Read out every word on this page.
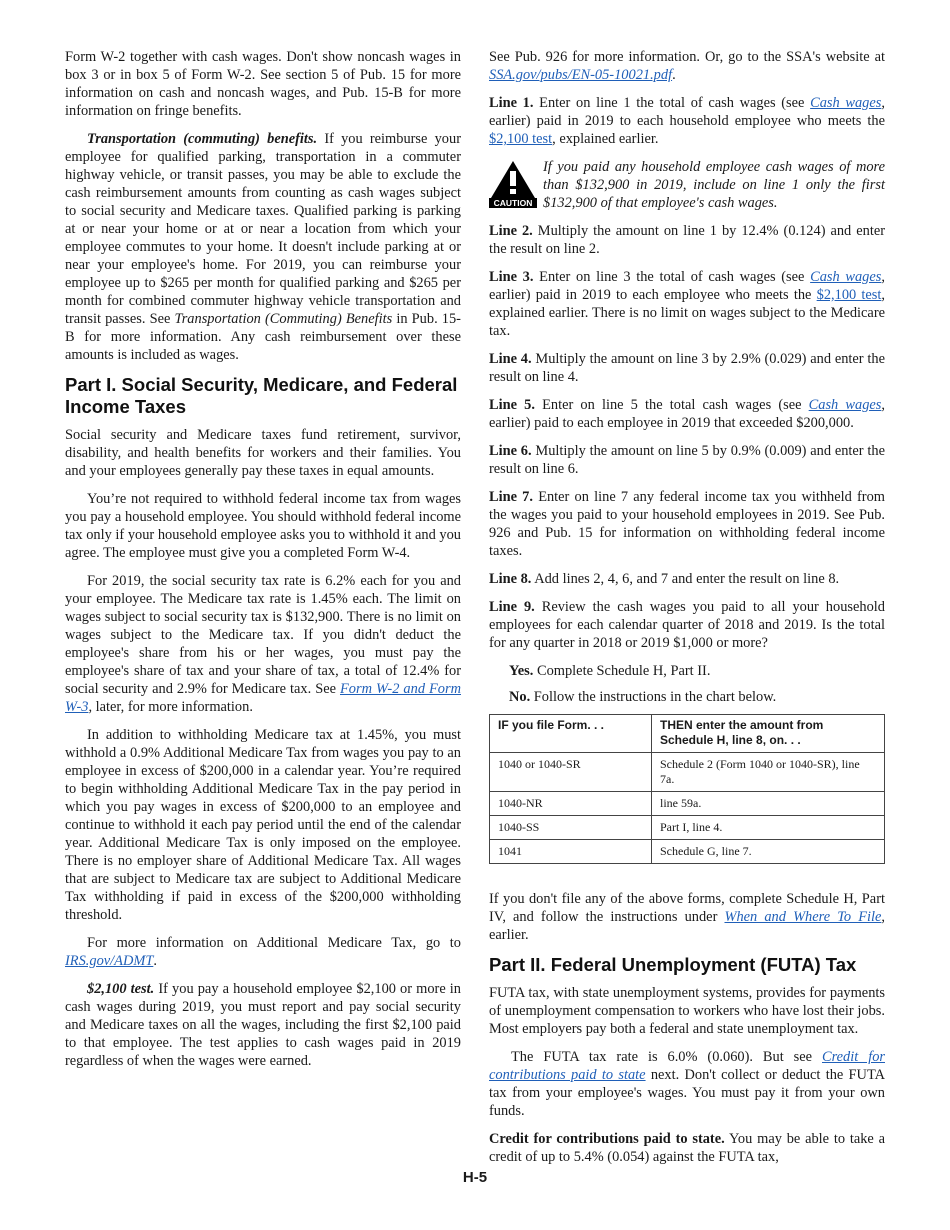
Form W-2 together with cash wages. Don't show noncash wages in box 3 or in box 5 of Form W-2. See section 5 of Pub. 15 for more information on cash and noncash wages, and Pub. 15-B for more information on fringe benefits.

Transportation (commuting) benefits. If you reimburse your employee for qualified parking, transportation in a commuter highway vehicle, or transit passes, you may be able to exclude the cash reimbursement amounts from counting as cash wages subject to social security and Medicare taxes. Qualified parking is parking at or near your home or at or near a location from which your employee commutes to your home. It doesn't include parking at or near your employee's home. For 2019, you can reimburse your employee up to $265 per month for qualified parking and $265 per month for combined commuter highway vehicle transportation and transit passes. See Transportation (Commuting) Benefits in Pub. 15-B for more information. Any cash reimbursement over these amounts is included as wages.

Part I. Social Security, Medicare, and Federal Income Taxes

Social security and Medicare taxes fund retirement, survivor, disability, and health benefits for workers and their families. You and your employees generally pay these taxes in equal amounts.

You’re not required to withhold federal income tax from wages you pay a household employee. You should withhold federal income tax only if your household employee asks you to withhold it and you agree. The employee must give you a completed Form W-4.

For 2019, the social security tax rate is 6.2% each for you and your employee. The Medicare tax rate is 1.45% each. The limit on wages subject to social security tax is $132,900. There is no limit on wages subject to the Medicare tax. If you didn't deduct the employee's share from his or her wages, you must pay the employee's share of tax and your share of tax, a total of 12.4% for social security and 2.9% for Medicare tax. See Form W-2 and Form W-3, later, for more information.

In addition to withholding Medicare tax at 1.45%, you must withhold a 0.9% Additional Medicare Tax from wages you pay to an employee in excess of $200,000 in a calendar year. You’re required to begin withholding Additional Medicare Tax in the pay period in which you pay wages in excess of $200,000 to an employee and continue to withhold it each pay period until the end of the calendar year. Additional Medicare Tax is only imposed on the employee. There is no employer share of Additional Medicare Tax. All wages that are subject to Medicare tax are subject to Additional Medicare Tax withholding if paid in excess of the $200,000 withholding threshold.

For more information on Additional Medicare Tax, go to IRS.gov/ADMT.

$2,100 test. If you pay a household employee $2,100 or more in cash wages during 2019, you must report and pay social security and Medicare taxes on all the wages, including the first $2,100 paid to that employee. The test applies to cash wages paid in 2019 regardless of when the wages were earned.

See Pub. 926 for more information. Or, go to the SSA's website at SSA.gov/pubs/EN-05-10021.pdf.

Line 1. Enter on line 1 the total of cash wages (see Cash wages, earlier) paid in 2019 to each household employee who meets the $2,100 test, explained earlier.

CAUTION
If you paid any household employee cash wages of more than $132,900 in 2019, include on line 1 only the first $132,900 of that employee's cash wages.

Line 2. Multiply the amount on line 1 by 12.4% (0.124) and enter the result on line 2.

Line 3. Enter on line 3 the total of cash wages (see Cash wages, earlier) paid in 2019 to each employee who meets the $2,100 test, explained earlier. There is no limit on wages subject to the Medicare tax.

Line 4. Multiply the amount on line 3 by 2.9% (0.029) and enter the result on line 4.

Line 5. Enter on line 5 the total cash wages (see Cash wages, earlier) paid to each employee in 2019 that exceeded $200,000.

Line 6. Multiply the amount on line 5 by 0.9% (0.009) and enter the result on line 6.

Line 7. Enter on line 7 any federal income tax you withheld from the wages you paid to your household employees in 2019. See Pub. 926 and Pub. 15 for information on withholding federal income taxes.

Line 8. Add lines 2, 4, 6, and 7 and enter the result on line 8.

Line 9. Review the cash wages you paid to all your household employees for each calendar quarter of 2018 and 2019. Is the total for any quarter in 2018 or 2019 $1,000 or more?

Yes. Complete Schedule H, Part II.
No. Follow the instructions in the chart below.
IF you file Form. . .	THEN enter the amount from Schedule H, line 8, on. . .
1040 or 1040-SR	Schedule 2 (Form 1040 or 1040-SR), line 7a.
1040-NR	line 59a.
1040-SS	Part I, line 4.
1041	Schedule G, line 7.

If you don't file any of the above forms, complete Schedule H, Part IV, and follow the instructions under When and Where To File, earlier.

Part II. Federal Unemployment (FUTA) Tax

FUTA tax, with state unemployment systems, provides for payments of unemployment compensation to workers who have lost their jobs. Most employers pay both a federal and state unemployment tax.

The FUTA tax rate is 6.0% (0.060). But see Credit for contributions paid to state next. Don't collect or deduct the FUTA tax from your employee's wages. You must pay it from your own funds.

Credit for contributions paid to state. You may be able to take a credit of up to 5.4% (0.054) against the FUTA tax,

H-5
